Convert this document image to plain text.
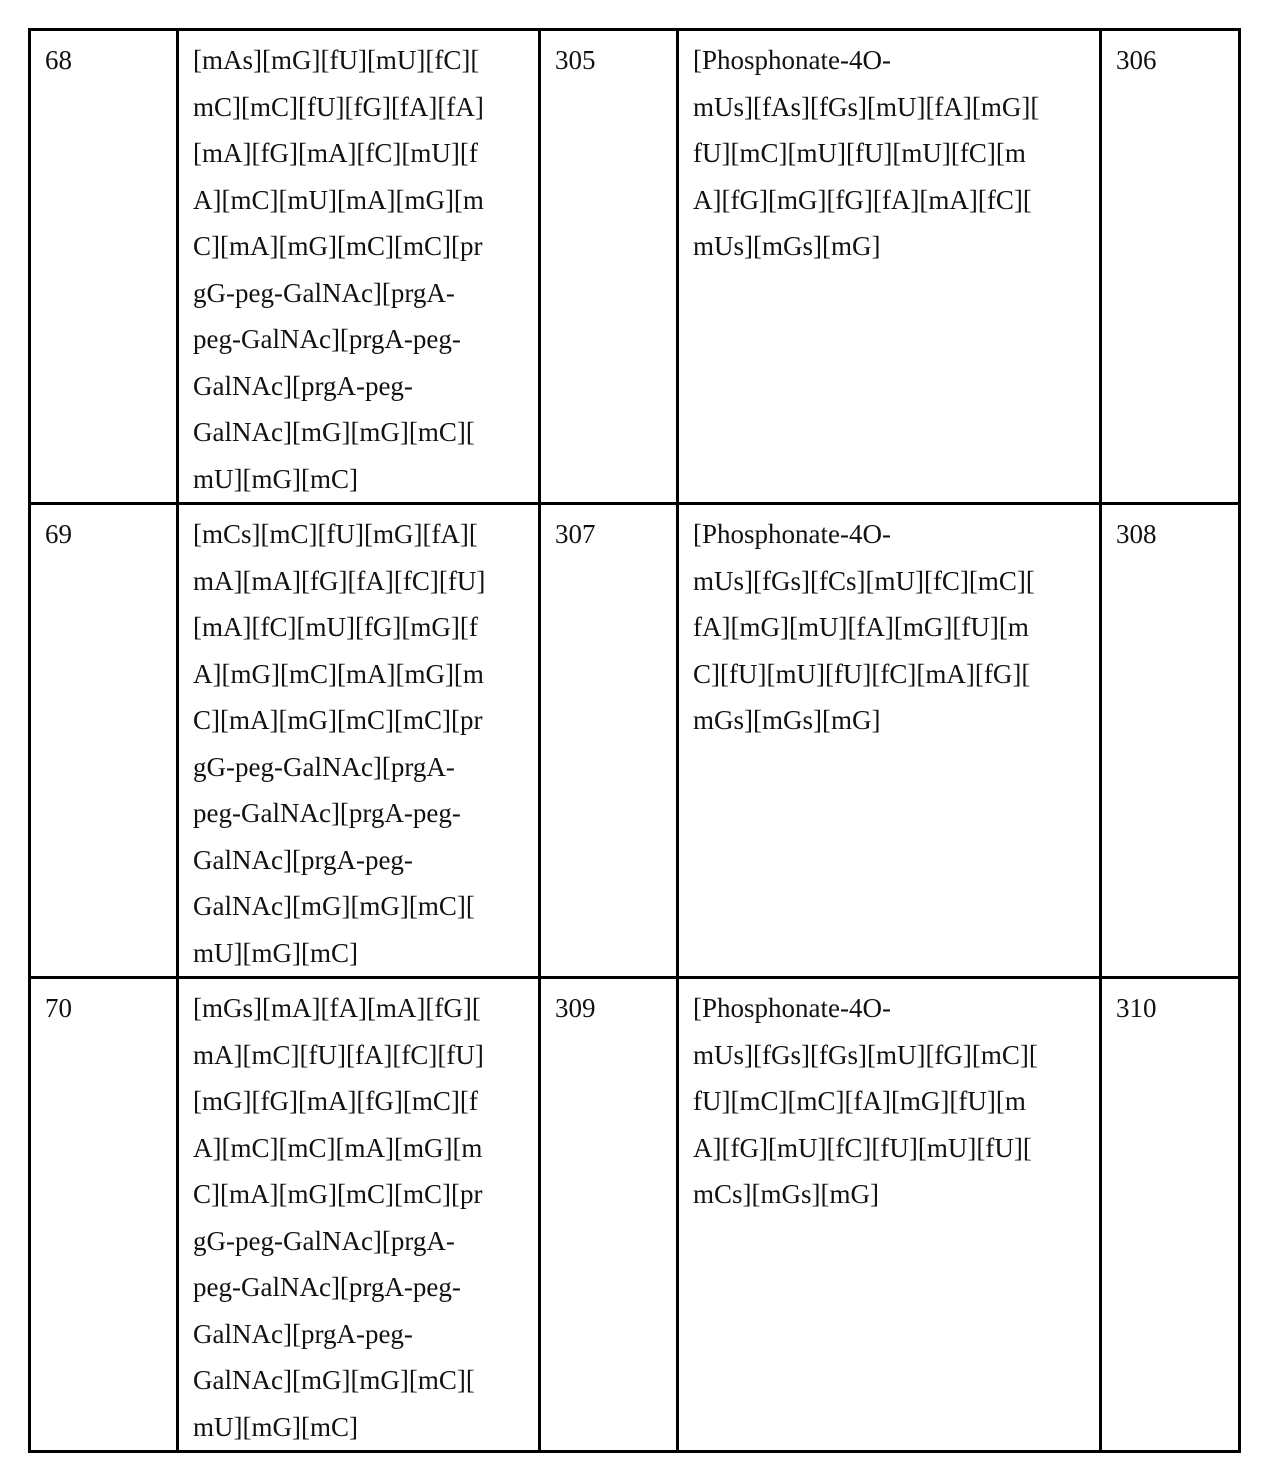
68	[mAs][mG][fU][mU][fC][
mC][mC][fU][fG][fA][fA]
[mA][fG][mA][fC][mU][f
A][mC][mU][mA][mG][m
C][mA][mG][mC][mC][pr
gG-peg-GalNAc][prgA-
peg-GalNAc][prgA-peg-
GalNAc][prgA-peg-
GalNAc][mG][mG][mC][
mU][mG][mC]
	305	[Phosphonate-4O-
mUs][fAs][fGs][mU][fA][mG][
fU][mC][mU][fU][mU][fC][m
A][fG][mG][fG][fA][mA][fC][
mUs][mGs][mG]
	306
69	[mCs][mC][fU][mG][fA][
mA][mA][fG][fA][fC][fU]
[mA][fC][mU][fG][mG][f
A][mG][mC][mA][mG][m
C][mA][mG][mC][mC][pr
gG-peg-GalNAc][prgA-
peg-GalNAc][prgA-peg-
GalNAc][prgA-peg-
GalNAc][mG][mG][mC][
mU][mG][mC]
	307	[Phosphonate-4O-
mUs][fGs][fCs][mU][fC][mC][
fA][mG][mU][fA][mG][fU][m
C][fU][mU][fU][fC][mA][fG][
mGs][mGs][mG]
	308
70	[mGs][mA][fA][mA][fG][
mA][mC][fU][fA][fC][fU]
[mG][fG][mA][fG][mC][f
A][mC][mC][mA][mG][m
C][mA][mG][mC][mC][pr
gG-peg-GalNAc][prgA-
peg-GalNAc][prgA-peg-
GalNAc][prgA-peg-
GalNAc][mG][mG][mC][
mU][mG][mC]
	309	[Phosphonate-4O-
mUs][fGs][fGs][mU][fG][mC][
fU][mC][mC][fA][mG][fU][m
A][fG][mU][fC][fU][mU][fU][
mCs][mGs][mG]
	310
